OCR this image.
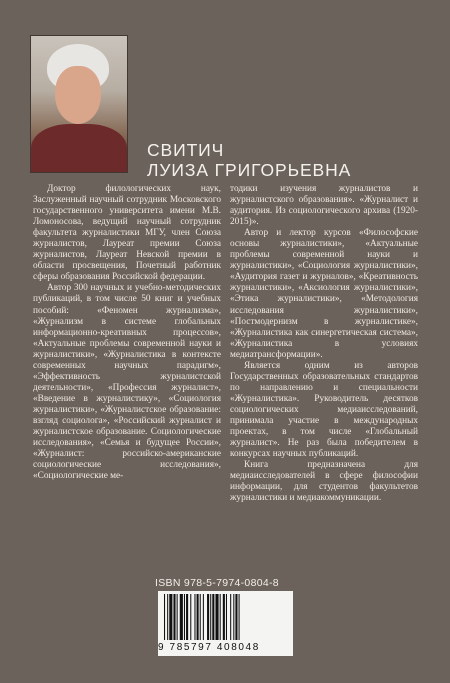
СВИТИЧ
ЛУИЗА ГРИГОРЬЕВНА

Доктор филологических наук, Заслуженный научный сотрудник Московского государственного университета имени М.В. Ломоносова, ведущий научный сотрудник факультета журналистики МГУ, член Союза журналистов, Лауреат премии Союза журналистов, Лауреат Невской премии в области просвещения, Почетный работник сферы образования Российской федерации.

Автор 300 научных и учебно-методических публикаций, в том числе 50 книг и учебных пособий: «Феномен журнализма», «Журнализм в системе глобальных информационно-креативных процессов», «Актуальные проблемы современной науки и журналистики», «Журналистика в контексте современных научных парадигм», «Эффективность журналистской деятельности», «Профессия журналист», «Введение в журналистику», «Социология журналистики», «Журналистское образование: взгляд социолога», «Российский журналист и журналистское образование. Социологические исследования», «Семья и будущее России», «Журналист: российско-американские социологические исследования», «Социологические ме-

тодики изучения журналистов и журналистского образования». «Журналист и аудитория. Из социологического архива (1920-2015)».

Автор и лектор курсов «Философские основы журналистики», «Актуальные проблемы современной науки и журналистики», «Социология журналистики», «Аудитория газет и журналов», «Креативность журналистики», «Аксиология журналистики», «Этика журналистики», «Методология исследования журналистики», «Постмодернизм в журналистике», «Журналистика как синергетическая система», «Журналистика в условиях медиатрансформации».

Является одним из авторов Государственных образовательных стандартов по направлению и специальности «Журналистика». Руководитель десятков социологических медиаисследований, принимала участие в международных проектах, в том числе «Глобальный журналист». Не раз была победителем в конкурсах научных публикаций.

Книга предназначена для медиаисследователей в сфере философии информации, для студентов факультетов журналистики и медиакоммуникации.

ISBN 978-5-7974-0804-8
9 785797 408048
